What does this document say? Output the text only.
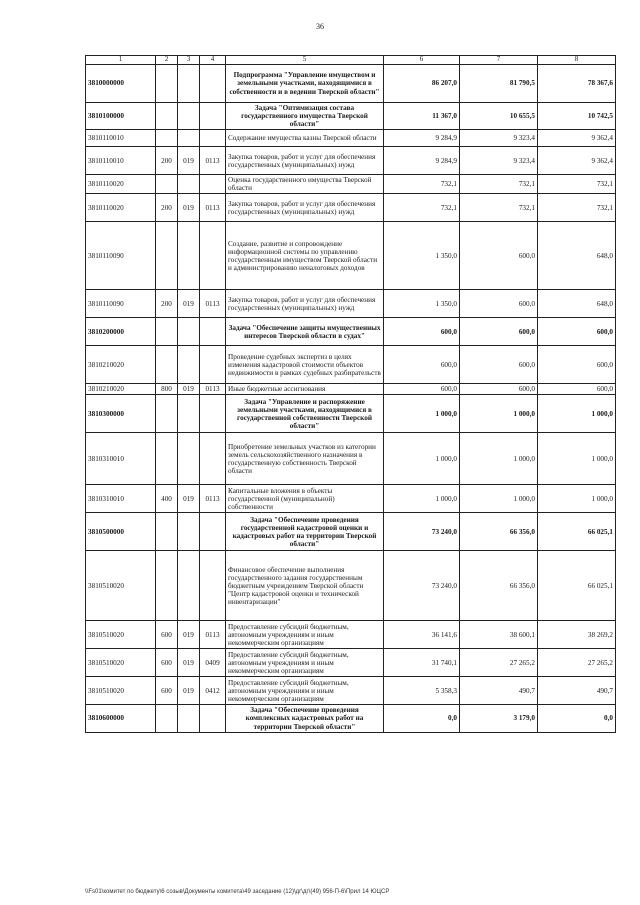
36
1	2	3	4	5	6	7	8
3810000000				Подпрограмма "Управление имуществом и земельными участками, находящимися в собственности и в ведении Тверской области"	86 207,0	81 790,5	78 367,6
3810100000				Задача "Оптимизация состава государственного имущества Тверской области"	11 367,0	10 655,5	10 742,5
3810110010				Содержание имущества казны Тверской области	9 284,9	9 323,4	9 362,4
3810110010	200	019	0113	Закупка товаров, работ и услуг для обеспечения государственных (муниципальных) нужд	9 284,9	9 323,4	9 362,4
3810110020				Оценка государственного имущества Тверской области	732,1	732,1	732,1
3810110020	200	019	0113	Закупка товаров, работ и услуг для обеспечения государственных (муниципальных) нужд	732,1	732,1	732,1
3810110090				Создание, развитие и сопровождение информационной системы по управлению государственным имуществом Тверской области и администрированию неналоговых доходов	1 350,0	600,0	648,0
3810110090	200	019	0113	Закупка товаров, работ и услуг для обеспечения государственных (муниципальных) нужд	1 350,0	600,0	648,0
3810200000				Задача "Обеспечение защиты имущественных интересов Тверской области в судах"	600,0	600,0	600,0
3810210020				Проведение судебных экспертиз в целях изменения кадастровой стоимости объектов недвижимости в рамках судебных разбирательств	600,0	600,0	600,0
3810210020	800	019	0113	Иные бюджетные ассигнования	600,0	600,0	600,0
3810300000				Задача "Управление и распоряжение земельными участками, находящимися в государственной собственности Тверской области"	1 000,0	1 000,0	1 000,0
3810310010				Приобретение земельных участков из категории земель сельскохозяйственного назначения в государственную собственность Тверской области	1 000,0	1 000,0	1 000,0
3810310010	400	019	0113	Капитальные вложения в объекты государственной (муниципальной) собственности	1 000,0	1 000,0	1 000,0
3810500000				Задача "Обеспечение проведения государственной кадастровой оценки и кадастровых работ на территории Тверской области"	73 240,0	66 356,0	66 025,1
3810510020				Финансовое обеспечение выполнения государственного задания государственным бюджетным учреждением Тверской области "Центр кадастровой оценки и технической инвентаризации"	73 240,0	66 356,0	66 025,1
3810510020	600	019	0113	Предоставление субсидий бюджетным, автономным учреждениям и иным некоммерческим организациям	36 141,6	38 600,1	38 269,2
3810510020	600	019	0409	Предоставление субсидий бюджетным, автономным учреждениям и иным некоммерческим организациям	31 740,1	27 265,2	27 265,2
3810510020	600	019	0412	Предоставление субсидий бюджетным, автономным учреждениям и иным некоммерческим организациям	5 358,3	490,7	490,7
3810600000				Задача "Обеспечение проведения комплексных кадастровых работ на территории Тверской области"	0,0	3 179,0	0,0
\\Fs01\комитет по бюджету\6 созыв\Документы комитета\49 заседание (12)\дг\дг\(49) 956-П-6\Прил 14 ЮЦСР
